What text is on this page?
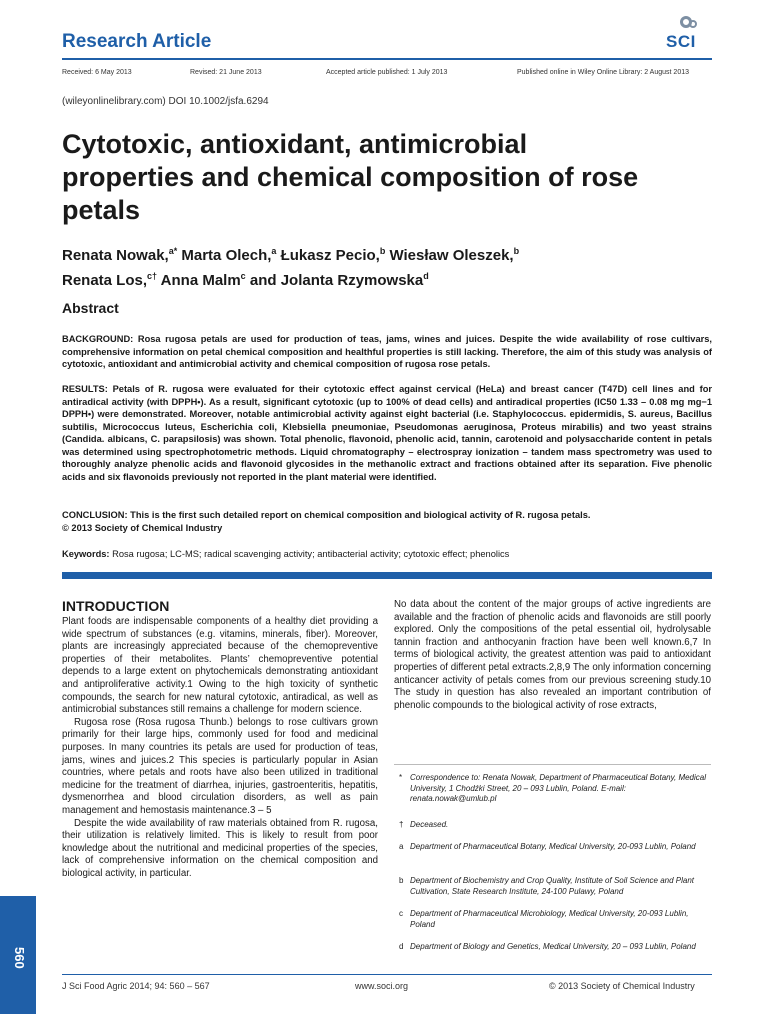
Research Article	SCI
Received: 6 May 2013	Revised: 21 June 2013	Accepted article published: 1 July 2013	Published online in Wiley Online Library: 2 August 2013
(wileyonlinelibrary.com) DOI 10.1002/jsfa.6294
Cytotoxic, antioxidant, antimicrobial properties and chemical composition of rose petals
Renata Nowak,$^{a*}$ Marta Olech,$^a$ Łukasz Pecio,$^b$ Wiesław Oleszek,$^b$
Renata Los,$^{c\dagger}$ Anna Malm$^c$ and Jolanta Rzymowska$^d$
Abstract

BACKGROUND: Rosa rugosa petals are used for production of teas, jams, wines and juices. Despite the wide availability of rose cultivars, comprehensive information on petal chemical composition and healthful properties is still lacking. Therefore, the aim of this study was analysis of cytotoxic, antioxidant and antimicrobial activity and chemical composition of rugosa rose petals.

RESULTS: Petals of R. rugosa were evaluated for their cytotoxic effect against cervical (HeLa) and breast cancer (T47D) cell lines and for antiradical activity (with DPPH•). As a result, significant cytotoxic (up to 100% of dead cells) and antiradical properties (IC50 1.33 – 0.08 mg mg−1 DPPH•) were demonstrated. Moreover, notable antimicrobial activity against eight bacterial (i.e. Staphylococcus. epidermidis, S. aureus, Bacillus subtilis, Micrococcus luteus, Escherichia coli, Klebsiella pneumoniae, Pseudomonas aeruginosa, Proteus mirabilis) and two yeast strains (Candida. albicans, C. parapsilosis) was shown. Total phenolic, flavonoid, phenolic acid, tannin, carotenoid and polysaccharide content in petals was determined using spectrophotometric methods. Liquid chromatography – electrospray ionization – tandem mass spectrometry was used to thoroughly analyze phenolic acids and flavonoid glycosides in the methanolic extract and fractions obtained after its separation. Five phenolic acids and six flavonoids previously not reported in the plant material were identified.

CONCLUSION: This is the first such detailed report on chemical composition and biological activity of R. rugosa petals.
© 2013 Society of Chemical Industry

Keywords: Rosa rugosa; LC-MS; radical scavenging activity; antibacterial activity; cytotoxic effect; phenolics
INTRODUCTION

Plant foods are indispensable components of a healthy diet providing a wide spectrum of substances (e.g. vitamins, minerals, fiber). Moreover, plants are increasingly appreciated because of the chemopreventive properties of their metabolites. Plants’ chemopreventive potential depends to a large extent on phytochemicals demonstrating antioxidant and antiproliferative activity.1 Owing to the high toxicity of synthetic compounds, the search for new natural cytotoxic, antiradical, as well as antimicrobial substances still remains a challenge for modern science.

Rugosa rose (Rosa rugosa Thunb.) belongs to rose cultivars grown primarily for their large hips, commonly used for food and medicinal purposes. In many countries its petals are used for production of teas, jams, wines and juices.2 This species is particularly popular in Asian countries, where petals and roots have also been utilized in traditional medicine for the treatment of diarrhea, injuries, gastroenteritis, hepatitis, dysmenorrhea and blood circulation disorders, as well as pain management and hemostasis maintenance.3 – 5

Despite the wide availability of raw materials obtained from R. rugosa, their utilization is relatively limited. This is likely to result from poor knowledge about the nutritional and medicinal properties of the species, lack of comprehensive information on the chemical composition and biological activity, in particular.

No data about the content of the major groups of active ingredients are available and the fraction of phenolic acids and flavonoids are still poorly explored. Only the compositions of the petal essential oil, hydrolysable tannin fraction and anthocyanin fraction have been well known.6,7 In terms of biological activity, the greatest attention was paid to antioxidant properties of different petal extracts.2,8,9 The only information concerning anticancer activity of petals comes from our previous screening study.10 The study in question has also revealed an important contribution of phenolic compounds to the biological activity of rose extracts,

* Correspondence to: Renata Nowak, Department of Pharmaceutical Botany, Medical University, 1 Chodźki Street, 20 – 093 Lublin, Poland. E-mail: renata.nowak@umlub.pl
† Deceased.
a Department of Pharmaceutical Botany, Medical University, 20-093 Lublin, Poland
b Department of Biochemistry and Crop Quality, Institute of Soil Science and Plant Cultivation, State Research Institute, 24-100 Pulawy, Poland
c Department of Pharmaceutical Microbiology, Medical University, 20-093 Lublin, Poland
d Department of Biology and Genetics, Medical University, 20 – 093 Lublin, Poland
560
J Sci Food Agric 2014; 94: 560 – 567	www.soci.org	© 2013 Society of Chemical Industry
